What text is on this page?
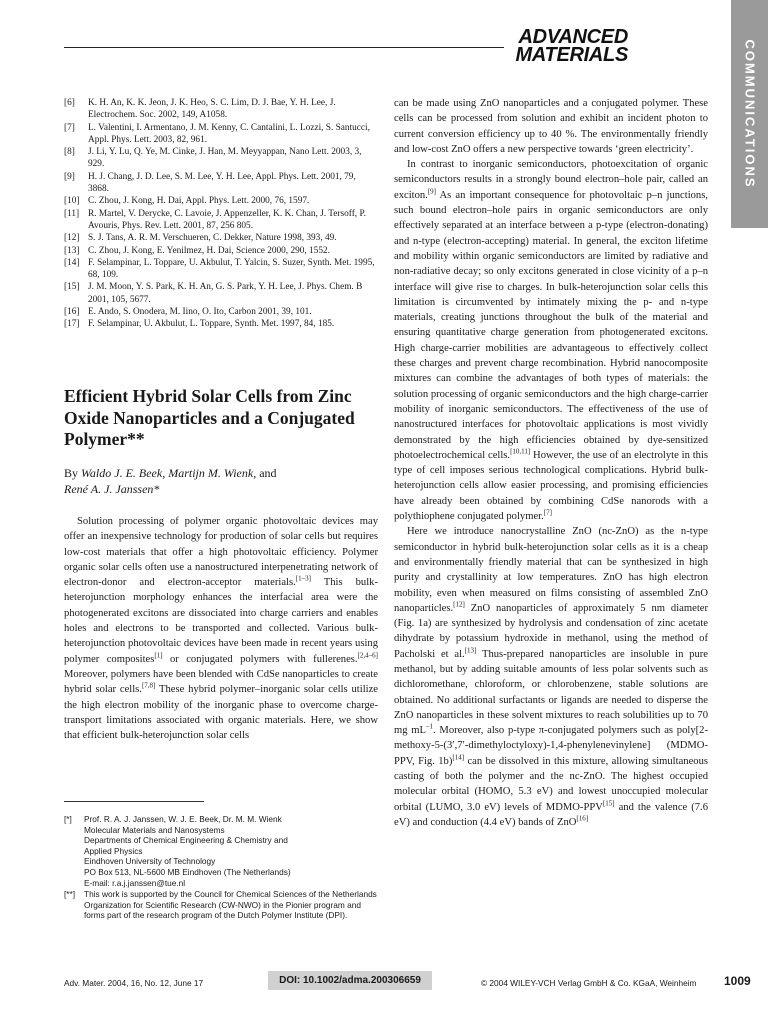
ADVANCED
MATERIALS	COMMUNICATIONS
[6]	K. H. An, K. K. Jeon, J. K. Heo, S. C. Lim, D. J. Bae, Y. H. Lee, J. Electrochem. Soc. 2002, 149, A1058.
[7]	L. Valentini, I. Armentano, J. M. Kenny, C. Cantalini, L. Lozzi, S. Santucci, Appl. Phys. Lett. 2003, 82, 961.
[8]	J. Li, Y. Lu, Q. Ye, M. Cinke, J. Han, M. Meyyappan, Nano Lett. 2003, 3, 929.
[9]	H. J. Chang, J. D. Lee, S. M. Lee, Y. H. Lee, Appl. Phys. Lett. 2001, 79, 3868.
[10] C. Zhou, J. Kong, H. Dai, Appl. Phys. Lett. 2000, 76, 1597.
[11] R. Martel, V. Derycke, C. Lavoie, J. Appenzeller, K. K. Chan, J. Tersoff, P. Avouris, Phys. Rev. Lett. 2001, 87, 256 805.
[12] S. J. Tans, A. R. M. Verschueren, C. Dekker, Nature 1998, 393, 49.
[13] C. Zhou, J. Kong, E. Yenilmez, H. Dai, Science 2000, 290, 1552.
[14] F. Selampinar, L. Toppare, U. Akbulut, T. Yalcin, S. Suzer, Synth. Met. 1995, 68, 109.
[15] J. M. Moon, Y. S. Park, K. H. An, G. S. Park, Y. H. Lee, J. Phys. Chem. B 2001, 105, 5677.
[16] E. Ando, S. Onodera, M. Iino, O. Ito, Carbon 2001, 39, 101.
[17] F. Selampinar, U. Akbulut, L. Toppare, Synth. Met. 1997, 84, 185.
Efficient Hybrid Solar Cells from Zinc Oxide Nanoparticles and a Conjugated Polymer**
By Waldo J. E. Beek, Martijn M. Wienk, and
René A. J. Janssen*

Solution processing of polymer organic photovoltaic devices may offer an inexpensive technology for production of solar cells but requires low-cost materials that offer a high photovoltaic efficiency. Polymer organic solar cells often use a nanostructured interpenetrating network of electron-donor and electron-acceptor materials.[1–3] This bulk-heterojunction morphology enhances the interfacial area were the photogenerated excitons are dissociated into charge carriers and enables holes and electrons to be transported and collected. Various bulk-heterojunction photovoltaic devices have been made in recent years using polymer composites[1] or conjugated polymers with fullerenes.[2,4–6] Moreover, polymers have been blended with CdSe nanoparticles to create hybrid solar cells.[7,8] These hybrid polymer–inorganic solar cells utilize the high electron mobility of the inorganic phase to overcome charge-transport limitations associated with organic materials. Here, we show that efficient bulk-heterojunction solar cells

[*]	Prof. R. A. J. Janssen, W. J. E. Beek, Dr. M. M. Wienk
Molecular Materials and Nanosystems
Departments of Chemical Engineering & Chemistry and
Applied Physics
Eindhoven University of Technology
PO Box 513, NL-5600 MB Eindhoven (The Netherlands)
E-mail: r.a.j.janssen@tue.nl
[**]	This work is supported by the Council for Chemical Sciences of the Netherlands Organization for Scientific Research (CW-NWO) in the Pionier program and forms part of the research program of the Dutch Polymer Institute (DPI).

can be made using ZnO nanoparticles and a conjugated polymer. These cells can be processed from solution and exhibit an incident photon to current conversion efficiency up to 40 %. The environmentally friendly and low-cost ZnO offers a new perspective towards ‘green electricity’.

In contrast to inorganic semiconductors, photoexcitation of organic semiconductors results in a strongly bound electron–hole pair, called an exciton.[9] As an important consequence for photovoltaic p–n junctions, such bound electron–hole pairs in organic semiconductors are only effectively separated at an interface between a p-type (electron-donating) and n-type (electron-accepting) material. In general, the exciton lifetime and mobility within organic semiconductors are limited by radiative and non-radiative decay; so only excitons generated in close vicinity of a p–n interface will give rise to charges. In bulk-heterojunction solar cells this limitation is circumvented by intimately mixing the p- and n-type materials, creating junctions throughout the bulk of the material and ensuring quantitative charge generation from photogenerated excitons. High charge-carrier mobilities are advantageous to effectively collect these charges and prevent charge recombination. Hybrid nanocomposite mixtures can combine the advantages of both types of materials: the solution processing of organic semiconductors and the high charge-carrier mobility of inorganic semiconductors. The effectiveness of the use of nanostructured interfaces for photovoltaic applications is most vividly demonstrated by the high efficiencies obtained by dye-sensitized photoelectrochemical cells.[10,11] However, the use of an electrolyte in this type of cell imposes serious technological complications. Hybrid bulk-heterojunction cells allow easier processing, and promising efficiencies have already been obtained by combining CdSe nanorods with a polythiophene conjugated polymer.[7]

Here we introduce nanocrystalline ZnO (nc-ZnO) as the n-type semiconductor in hybrid bulk-heterojunction solar cells as it is a cheap and environmentally friendly material that can be synthesized in high purity and crystallinity at low temperatures. ZnO has high electron mobility, even when measured on films consisting of assembled ZnO nanoparticles.[12] ZnO nanoparticles of approximately 5 nm diameter (Fig. 1a) are synthesized by hydrolysis and condensation of zinc acetate dihydrate by potassium hydroxide in methanol, using the method of Pacholski et al.[13] Thus-prepared nanoparticles are insoluble in pure methanol, but by adding suitable amounts of less polar solvents such as dichloromethane, chloroform, or chlorobenzene, stable solutions are obtained. No additional surfactants or ligands are needed to disperse the ZnO nanoparticles in these solvent mixtures to reach solubilities up to 70 mg $mL^{-1}$. Moreover, also p-type π-conjugated polymers such as poly[2-methoxy-5-(3′,7′-dimethyloctyloxy)-1,4-phenylenevinylene] (MDMO-PPV, Fig. 1b)[14] can be dissolved in this mixture, allowing simultaneous casting of both the polymer and the nc-ZnO. The highest occupied molecular orbital (HOMO, 5.3 eV) and lowest unoccupied molecular orbital (LUMO, 3.0 eV) levels of MDMO-PPV[15] and the valence (7.6 eV) and conduction (4.4 eV) bands of ZnO[16]

Adv. Mater. 2004, 16, No. 12, June 17	DOI: 10.1002/adma.200306659	© 2004 WILEY-VCH Verlag GmbH & Co. KGaA, Weinheim 1009
